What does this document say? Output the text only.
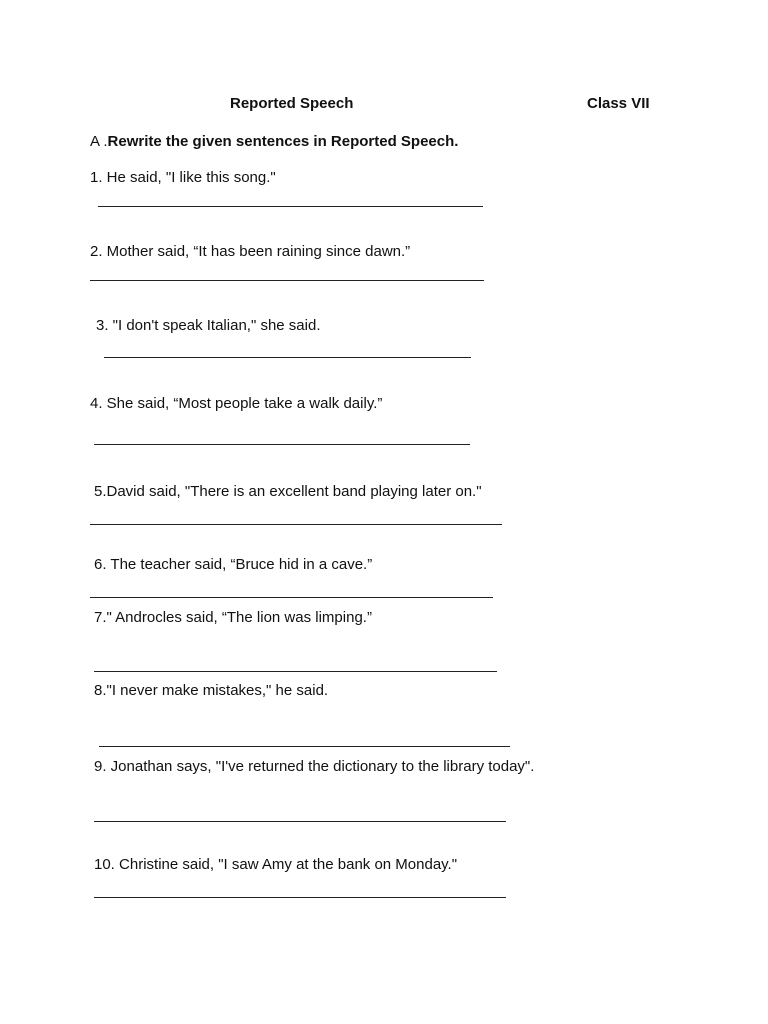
Reported Speech	Class VII
A .Rewrite the given sentences in Reported Speech.
1. He said, "I like this song."
2. Mother said, “It has been raining since dawn.”
3. "I don't speak Italian," she said.
4. She said, “Most people take a walk daily.”
5.David said, "There is an excellent band playing later on."
6. The teacher said, “Bruce hid in a cave.”
7." Androcles said, “The lion was limping.”
8."I never make mistakes," he said.
9. Jonathan says, "I've returned the dictionary to the library today".
10. Christine said, "I saw Amy at the bank on Monday."
